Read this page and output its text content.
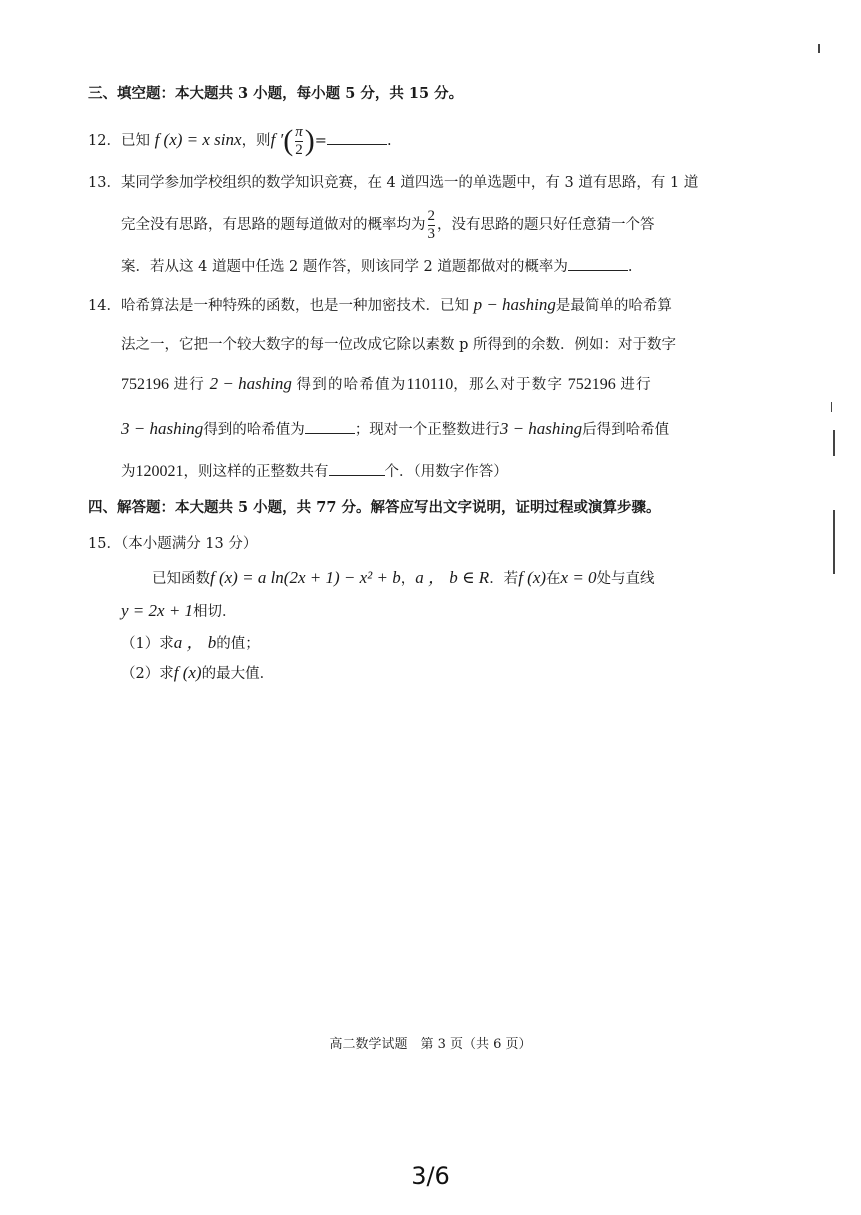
三、填空题：本大题共 3 小题，每小题 5 分，共 15 分。
12．已知 f (x) = x sinx，则f ′( $\frac{\pi}{2}$ )=	.
13．某同学参加学校组织的数学知识竞赛，在 4 道四选一的单选题中，有 3 道有思路，有 1 道
完全没有思路，有思路的题每道做对的概率均为 $\frac{2}{3}$ ，没有思路的题只好任意猜一个答
案．若从这 4 道题中任选 2 题作答，则该同学 2 道题都做对的概率为	.
14．哈希算法是一种特殊的函数，也是一种加密技术．已知 p − hashing是最简单的哈希算
法之一，它把一个较大数字的每一位改成它除以素数 p 所得到的余数．例如：对于数字
752196 进行 2 − hashing 得到的哈希值为110110，那么对于数字 752196 进行
3 − hashing得到的哈希值为	；现对一个正整数进行3 − hashing后得到哈希值
为120021，则这样的正整数共有	个．（用数字作答）
四、解答题：本大题共 5 小题，共 77 分。解答应写出文字说明，证明过程或演算步骤。
15．（本小题满分 13 分）
已知函数f (x) = a ln(2x + 1) − x² + b，a ， b ∈ R．若f (x)在x = 0处与直线
y = 2x + 1相切．
（1）求a ， b的值；
（2）求f (x)的最大值．
高二数学试题　第 3 页（共 6 页）
3/6
